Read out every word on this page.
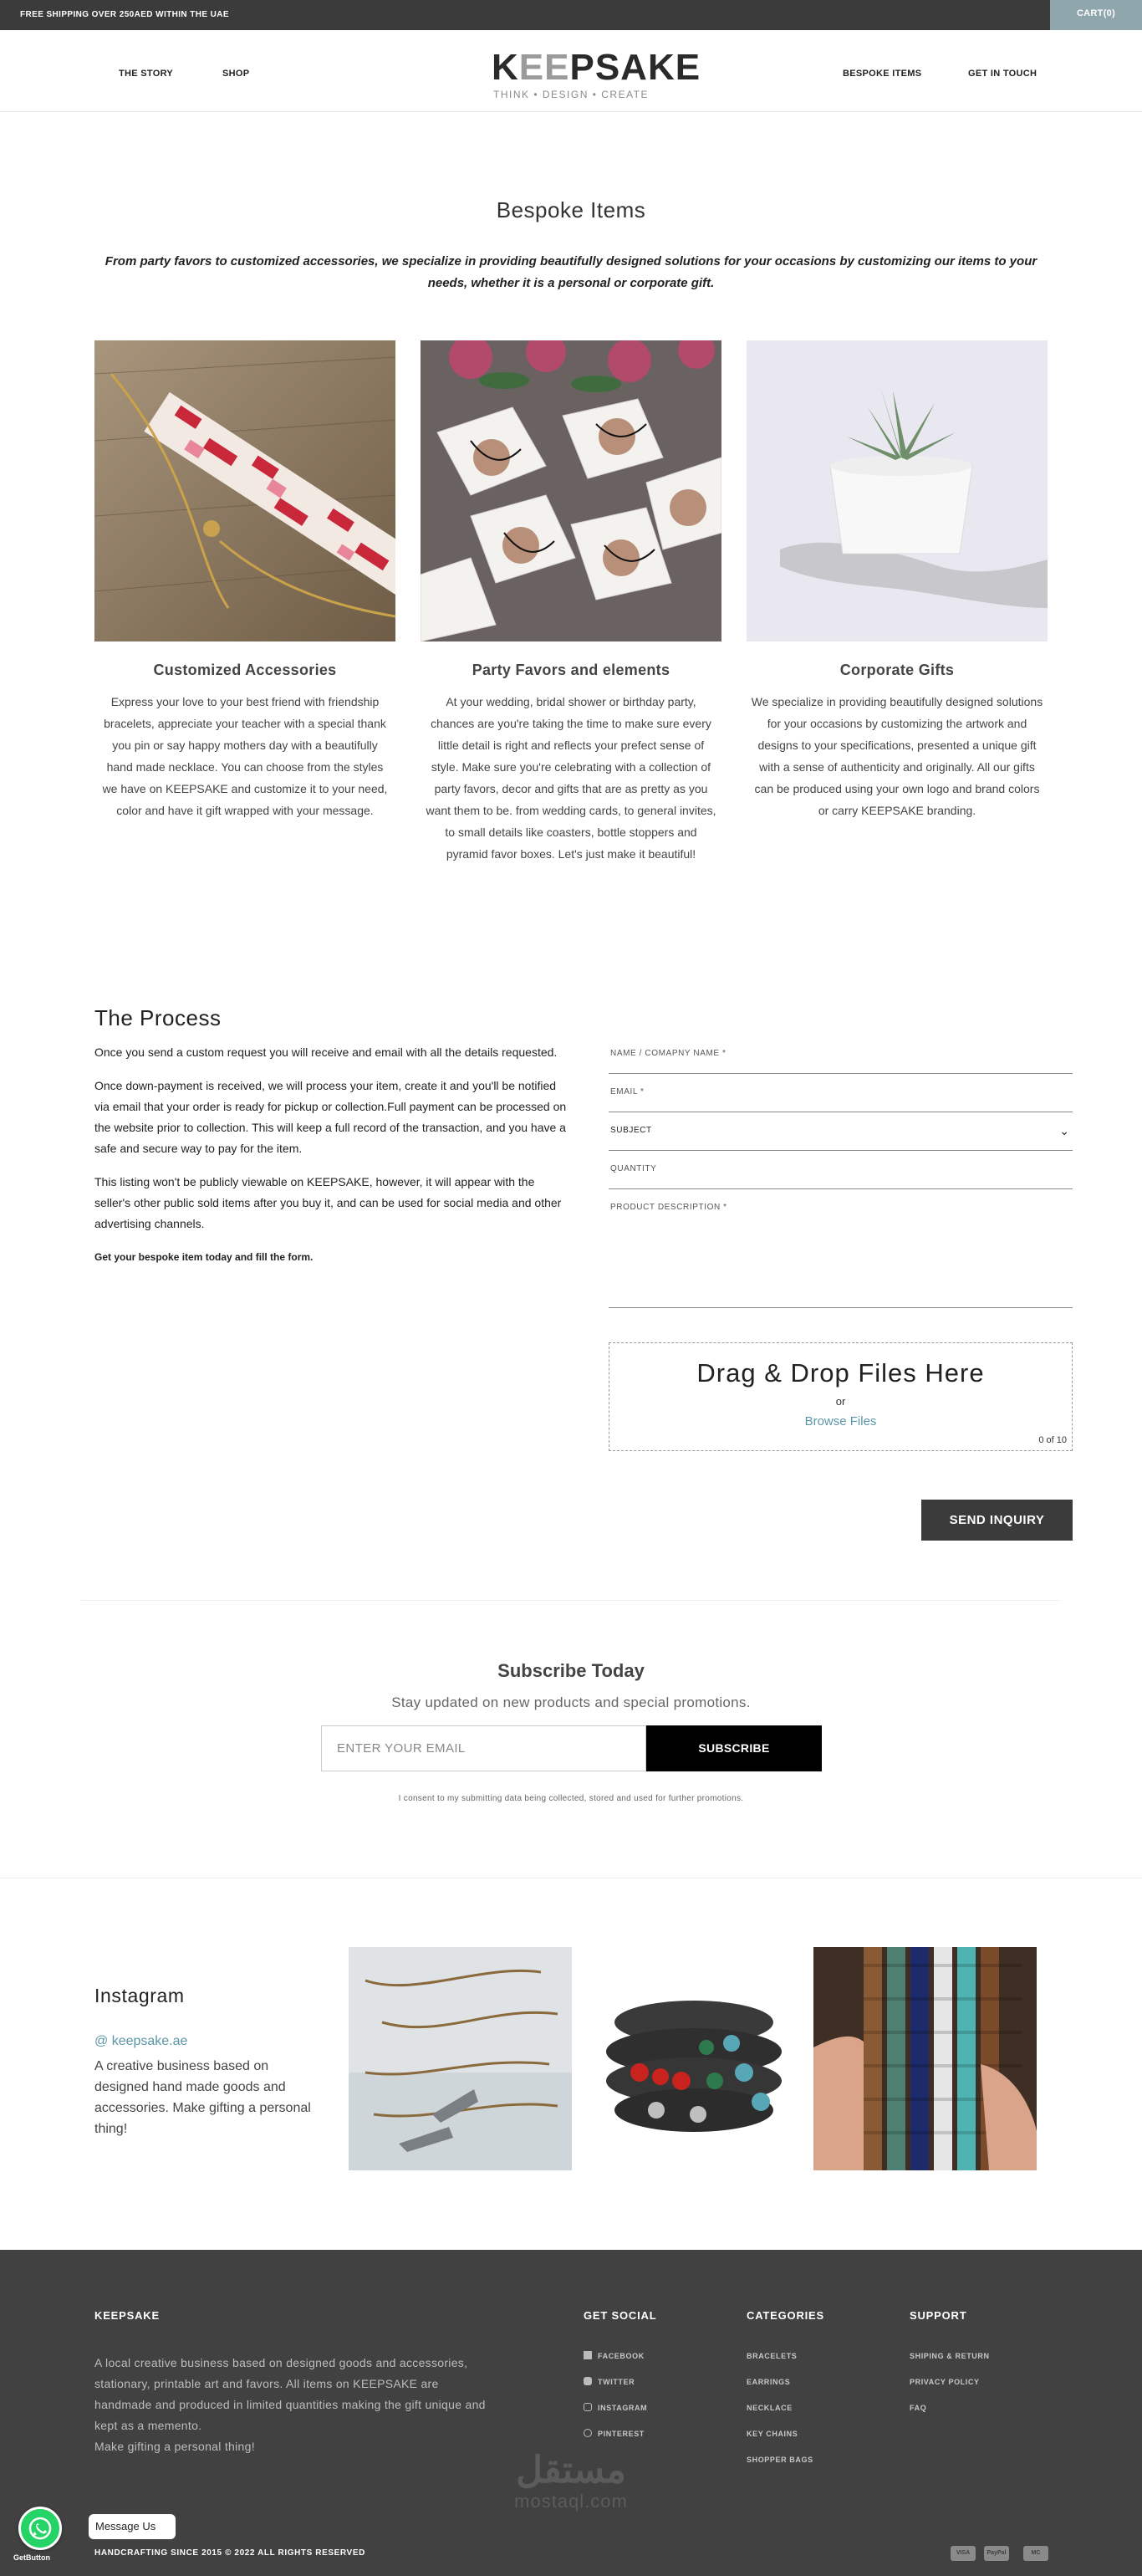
FREE SHIPPING OVER 250AED WITHIN THE UAE	CART(0)
THE STORY	SHOP	BESPOKE ITEMS	GET IN TOUCH
KEEPSAKE
THINK • DESIGN • CREATE
Bespoke Items
From party favors to customized accessories, we specialize in providing beautifully designed solutions for your occasions by customizing our items to your needs, whether it is a personal or corporate gift.
Customized Accessories

Express your love to your best friend with friendship bracelets, appreciate your teacher with a special thank you pin or say happy mothers day with a beautifully hand made necklace. You can choose from the styles we have on KEEPSAKE and customize it to your need, color and have it gift wrapped with your message.

Party Favors and elements

At your wedding, bridal shower or birthday party, chances are you're taking the time to make sure every little detail is right and reflects your prefect sense of style. Make sure you're celebrating with a collection of party favors, decor and gifts that are as pretty as you want them to be. from wedding cards, to general invites, to small details like coasters, bottle stoppers and pyramid favor boxes. Let's just make it beautiful!

Corporate Gifts

We specialize in providing beautifully designed solutions for your occasions by customizing the artwork and designs to your specifications, presented a unique gift with a sense of authenticity and originally. All our gifts can be produced using your own logo and brand colors or carry KEEPSAKE branding.

The Process

Once you send a custom request you will receive and email with all the details requested.

Once down-payment is received, we will process your item, create it and you'll be notified via email that your order is ready for pickup or collection.Full payment can be processed on the website prior to collection. This will keep a full record of the transaction, and you have a safe and secure way to pay for the item.

This listing won't be publicly viewable on KEEPSAKE, however, it will appear with the seller's other public sold items after you buy it, and can be used for social media and other advertising channels.

Get your bespoke item today and fill the form.

NAME / COMAPNY NAME *
EMAIL *
SUBJECT	⌄
QUANTITY
PRODUCT DESCRIPTION *
Drag & Drop Files Here
or
Browse Files
0 of 10
SEND INQUIRY
Subscribe Today
Stay updated on new products and special promotions.
ENTER YOUR EMAIL	SUBSCRIBE
I consent to my submitting data being collected, stored and used for further promotions.
Instagram
@ keepsake.ae
A creative business based on designed hand made goods and accessories. Make gifting a personal thing!
KEEPSAKE
A local creative business based on designed goods and accessories, stationary, printable art and favors. All items on KEEPSAKE are handmade and produced in limited quantities making the gift unique and kept as a memento.
Make gifting a personal thing!
GET SOCIAL
FACEBOOK
TWITTER
INSTAGRAM
PINTEREST
CATEGORIES
BRACELETS
EARRINGS
NECKLACE
KEY CHAINS
SHOPPER BAGS
SUPPORT
SHIPING & RETURN
PRIVACY POLICY
FAQ
مستقل
mostaql.com
HANDCRAFTING SINCE 2015 © 2022 ALL RIGHTS RESERVED	VISA	PayPal	MC
Message Us
GetButton
